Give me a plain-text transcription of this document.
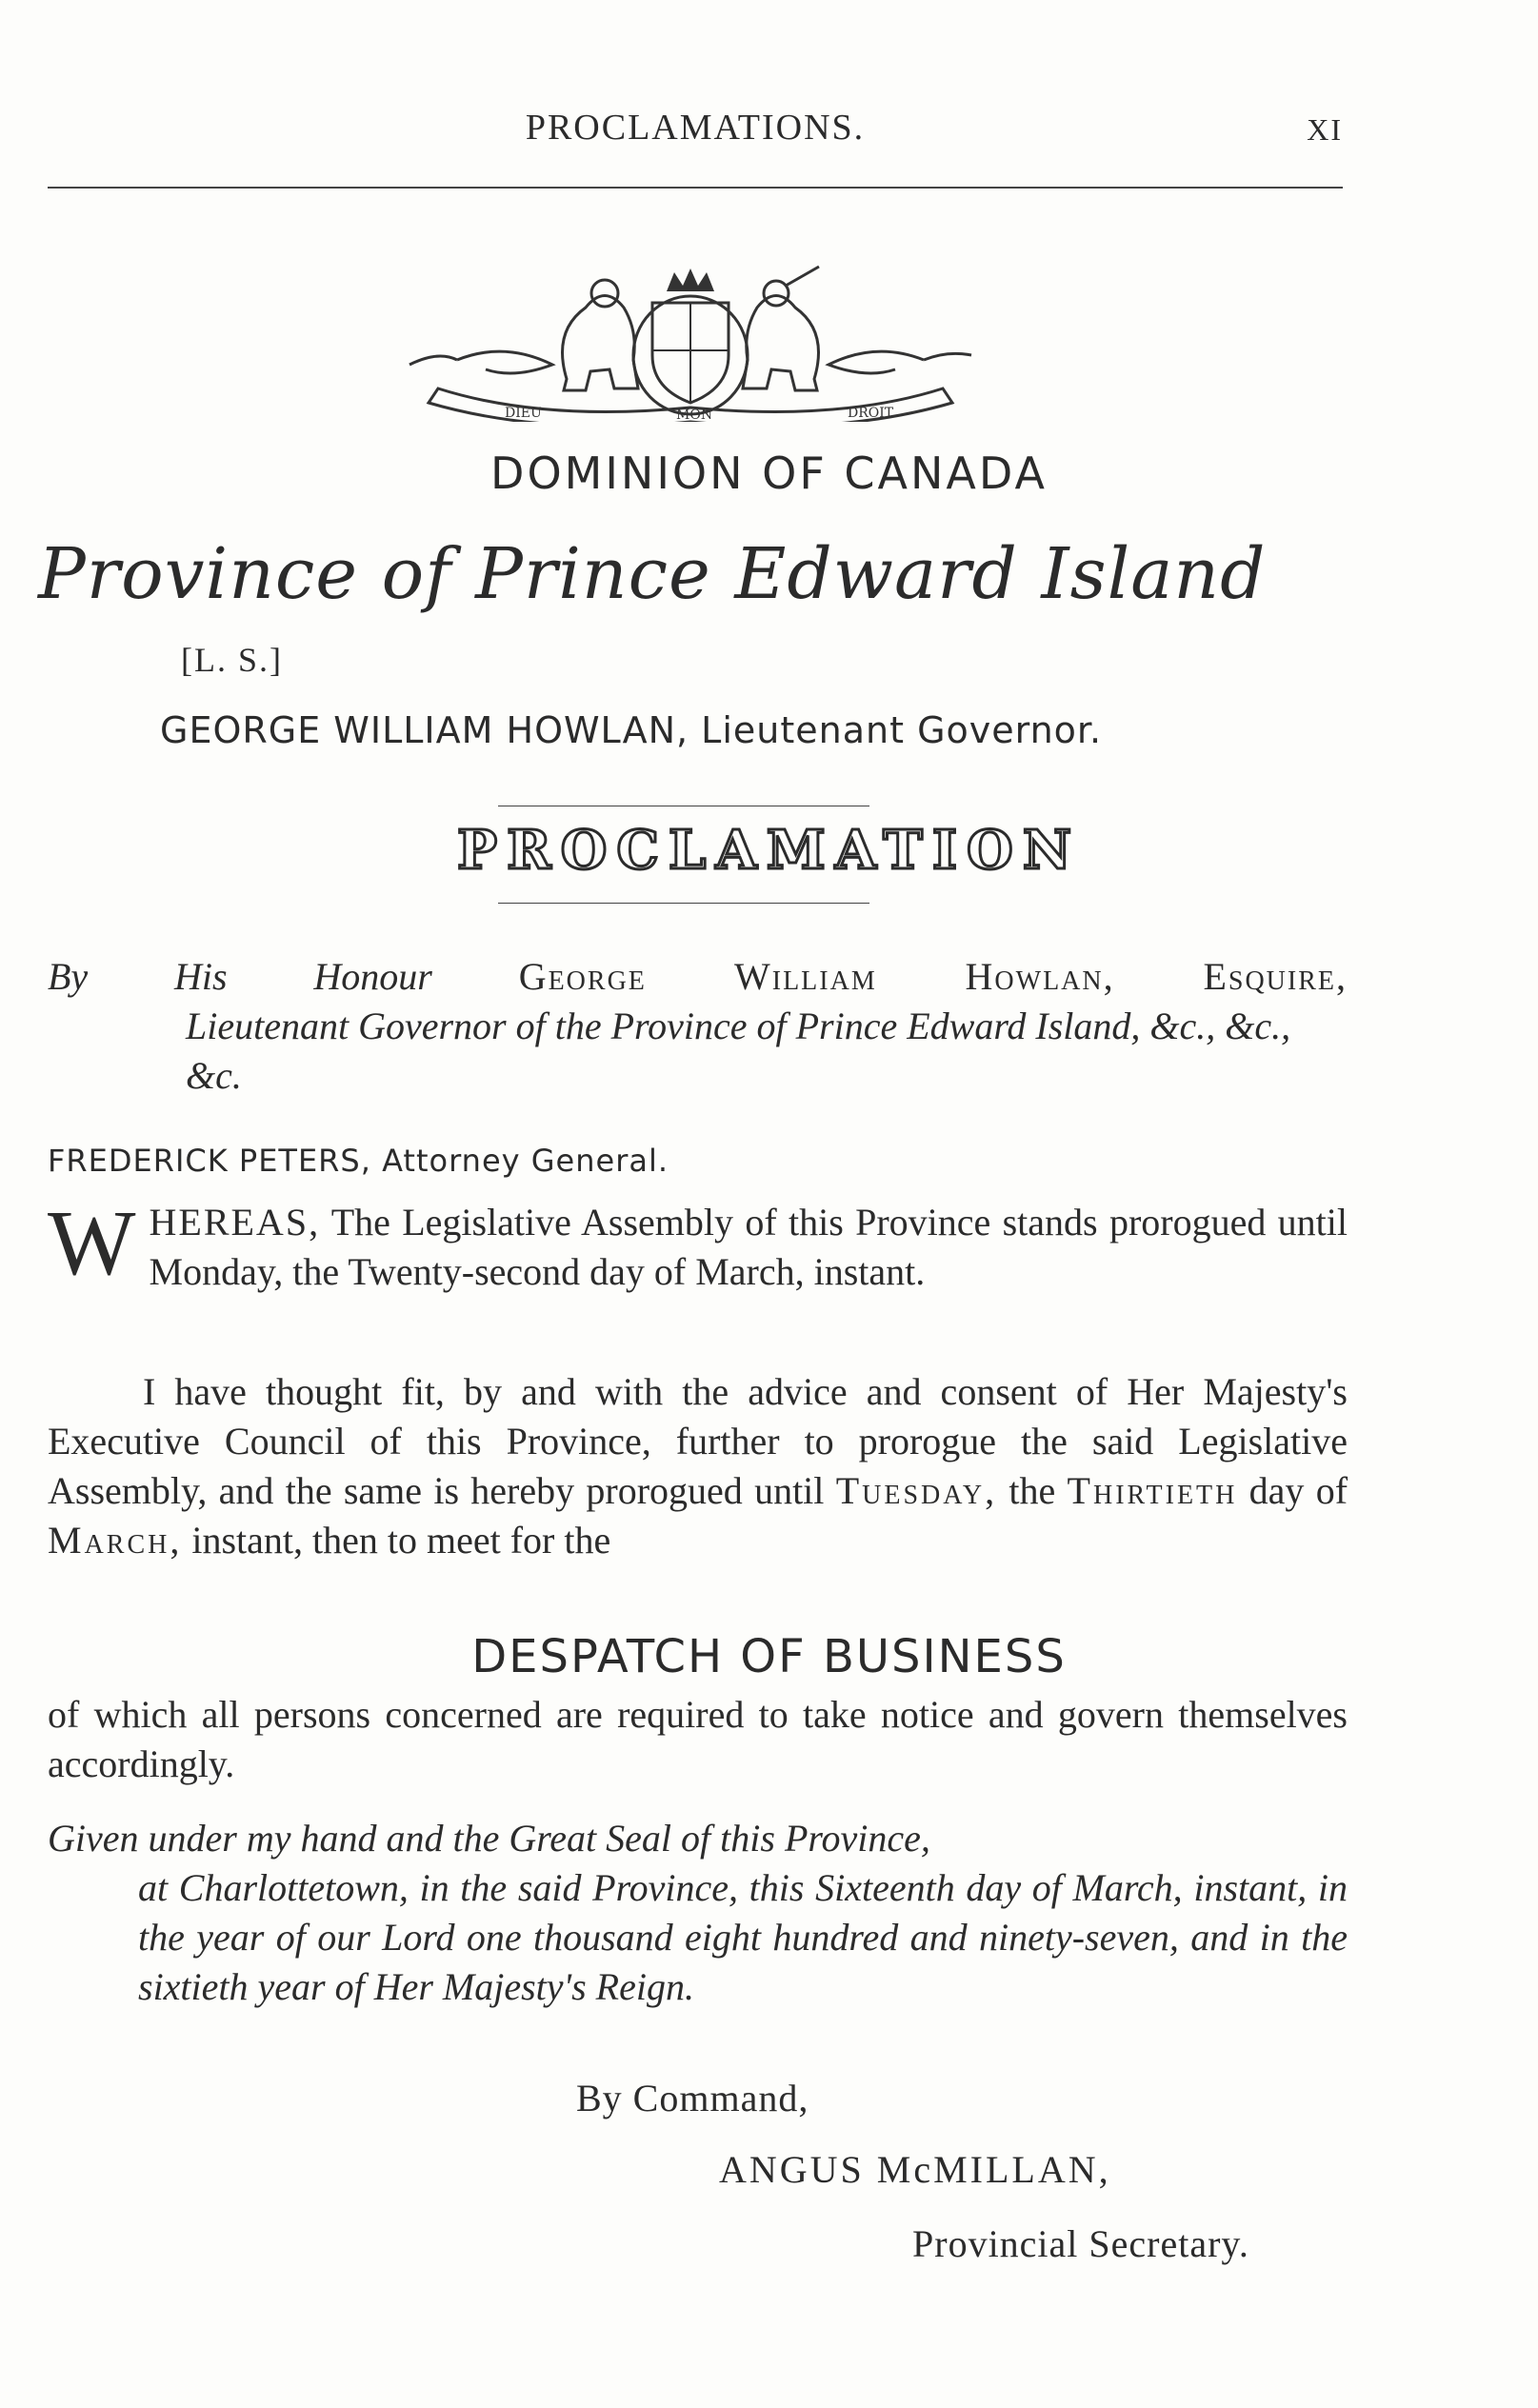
PROCLAMATIONS.	XI
DIEU	MON	DROIT
DOMINION OF CANADA
Province of Prince Edward Island
[L. S.]
GEORGE WILLIAM HOWLAN, Lieutenant Governor.
PROCLAMATION
By His Honour George William Howlan, Esquire,
Lieutenant Governor of the Province of Prince Edward Island, &c., &c., &c.
FREDERICK PETERS, Attorney General.
WHEREAS, The Legislative Assembly of this Province stands prorogued until Monday, the Twenty-second day of March, instant.
I have thought fit, by and with the advice and consent of Her Majesty's Executive Council of this Province, further to prorogue the said Legislative Assembly, and the same is hereby prorogued until Tuesday, the Thirtieth day of March, instant, then to meet for the
DESPATCH OF BUSINESS
of which all persons concerned are required to take notice and govern themselves accordingly.
Given under my hand and the Great Seal of this Province,
at Charlottetown, in the said Province, this Sixteenth day of March, instant, in the year of our Lord one thousand eight hundred and ninety-seven, and in the sixtieth year of Her Majesty's Reign.
By Command,
ANGUS McMILLAN,
Provincial Secretary.
